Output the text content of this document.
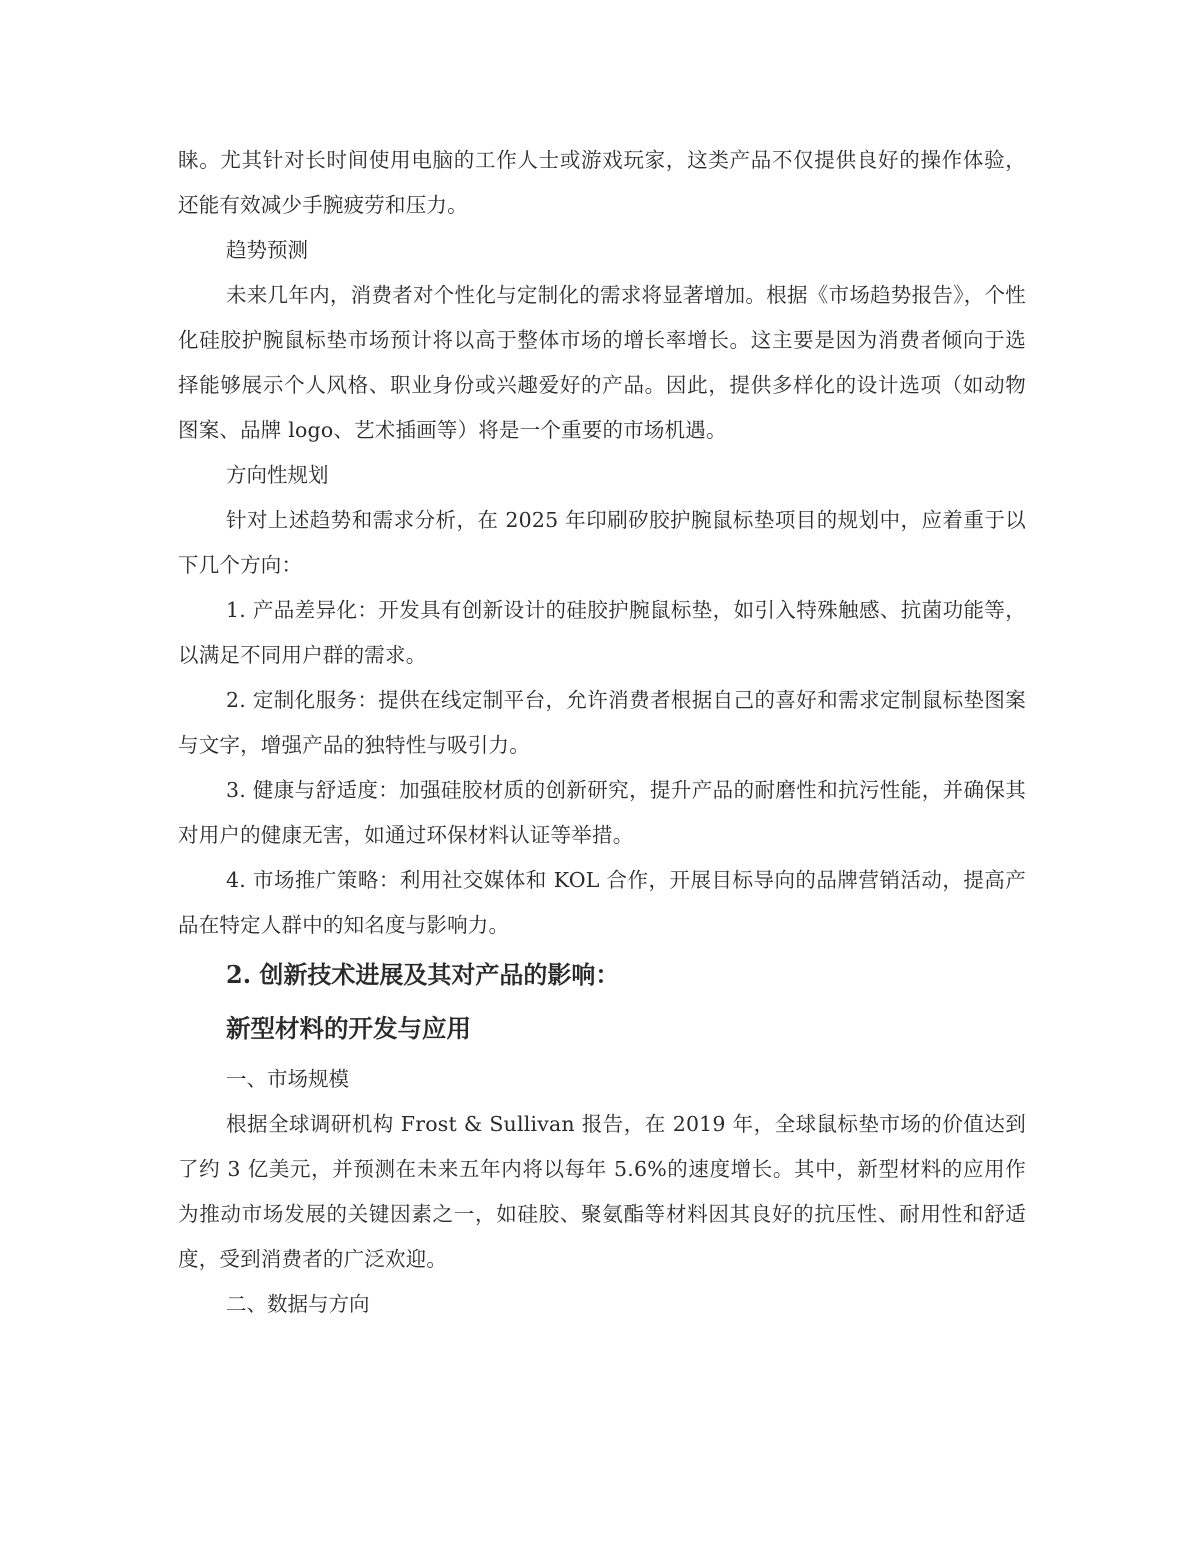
睐。尤其针对长时间使用电脑的工作人士或游戏玩家，这类产品不仅提供良好的操作体验，还能有效减少手腕疲劳和压力。

趋势预测

未来几年内，消费者对个性化与定制化的需求将显著增加。根据《市场趋势报告》，个性化硅胶护腕鼠标垫市场预计将以高于整体市场的增长率增长。这主要是因为消费者倾向于选择能够展示个人风格、职业身份或兴趣爱好的产品。因此，提供多样化的设计选项（如动物图案、品牌 logo、艺术插画等）将是一个重要的市场机遇。

方向性规划

针对上述趋势和需求分析，在 2025 年印刷矽胶护腕鼠标垫项目的规划中，应着重于以下几个方向：

1. 产品差异化：开发具有创新设计的硅胶护腕鼠标垫，如引入特殊触感、抗菌功能等，以满足不同用户群的需求。

2. 定制化服务：提供在线定制平台，允许消费者根据自己的喜好和需求定制鼠标垫图案与文字，增强产品的独特性与吸引力。

3. 健康与舒适度：加强硅胶材质的创新研究，提升产品的耐磨性和抗污性能，并确保其对用户的健康无害，如通过环保材料认证等举措。

4. 市场推广策略：利用社交媒体和 KOL 合作，开展目标导向的品牌营销活动，提高产品在特定人群中的知名度与影响力。

2. 创新技术进展及其对产品的影响：
新型材料的开发与应用

一、市场规模

根据全球调研机构 Frost & Sullivan 报告，在 2019 年，全球鼠标垫市场的价值达到了约 3 亿美元，并预测在未来五年内将以每年 5.6%的速度增长。其中，新型材料的应用作为推动市场发展的关键因素之一，如硅胶、聚氨酯等材料因其良好的抗压性、耐用性和舒适度，受到消费者的广泛欢迎。

二、数据与方向
